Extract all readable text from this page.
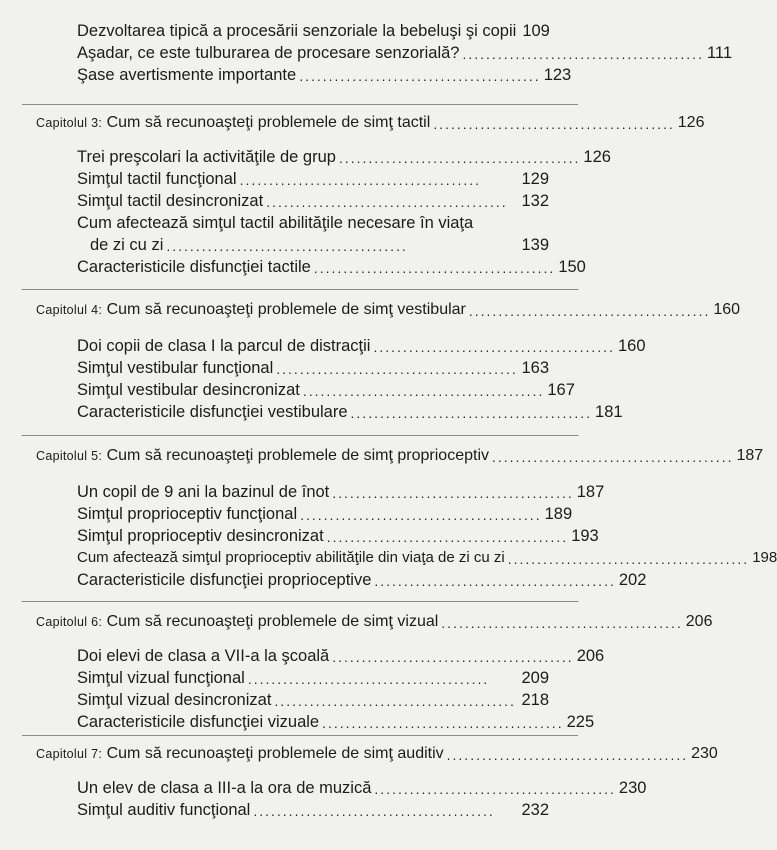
Dezvoltarea tipică a procesării senzoriale la bebeluşi şi copii 109
Aşadar, ce este tulburarea de procesare senzorială? ......................................... 111
Şase avertismente importante ......................................... 123
Capitolul 3: Cum să recunoaşteţi problemele de simţ tactil ......................................... 126
Trei preşcolari la activităţile de grup ......................................... 126
Simţul tactil funcţional .........................................	129
Simţul tactil desincronizat ......................................... 132
Cum afectează simţul tactil abilităţile necesare în viaţa
de zi cu zi .........................................	139
Caracteristicile disfuncţiei tactile ......................................... 150
Capitolul 4: Cum să recunoaşteţi problemele de simţ vestibular ......................................... 160
Doi copii de clasa I la parcul de distracţii ......................................... 160
Simţul vestibular funcţional ......................................... 163
Simţul vestibular desincronizat ......................................... 167
Caracteristicile disfuncţiei vestibulare ......................................... 181
Capitolul 5: Cum să recunoaşteţi problemele de simţ proprioceptiv ......................................... 187
Un copil de 9 ani la bazinul de înot ......................................... 187
Simţul proprioceptiv funcţional ......................................... 189
Simţul proprioceptiv desincronizat ......................................... 193
Cum afectează simţul proprioceptiv abilităţile din viaţa de zi cu zi ......................................... 198
Caracteristicile disfuncţiei proprioceptive ......................................... 202
Capitolul 6: Cum să recunoaşteţi problemele de simţ vizual ......................................... 206
Doi elevi de clasa a VII-a la şcoală ......................................... 206
Simţul vizual funcţional .........................................	209
Simţul vizual desincronizat ......................................... 218
Caracteristicile disfuncţiei vizuale ......................................... 225
Capitolul 7: Cum să recunoaşteţi problemele de simţ auditiv ......................................... 230
Un elev de clasa a III-a la ora de muzică ......................................... 230
Simţul auditiv funcţional .........................................	232
